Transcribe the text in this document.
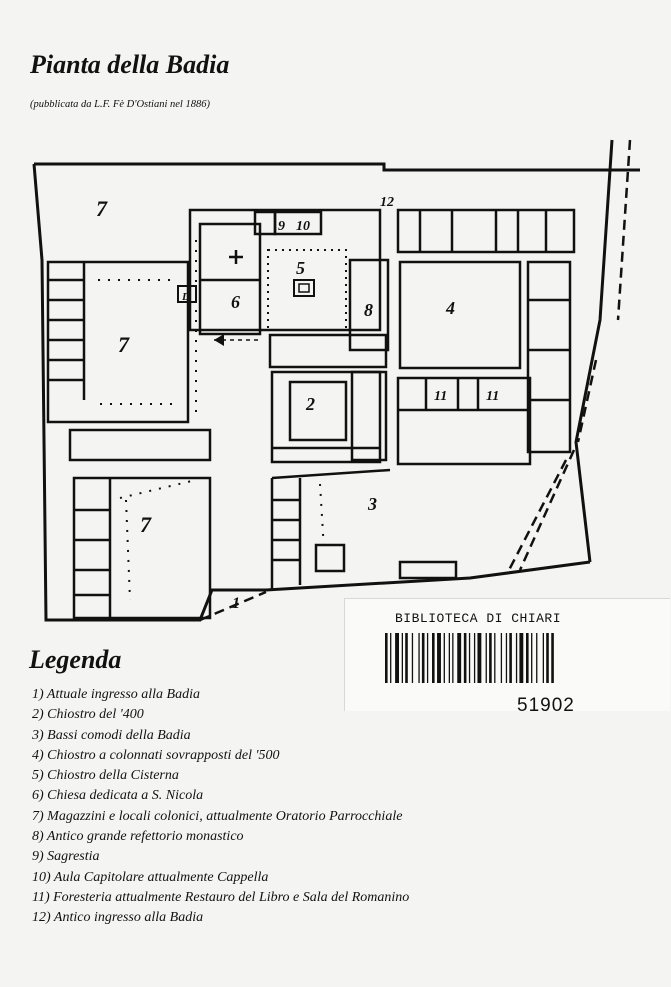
Pianta della Badia
(pubblicata da L.F. Fè D'Ostiani nel 1886)
7
7
7
6
5
8
9 10
12
2
4
11	11
3
1
D
Legenda
1) Attuale ingresso alla Badia
2) Chiostro del '400
3) Bassi comodi della Badia
4) Chiostro a colonnati sovrapposti del '500
5) Chiostro della Cisterna
6) Chiesa dedicata a S. Nicola
7) Magazzini e locali colonici, attualmente Oratorio Parrocchiale
8) Antico grande refettorio monastico
9) Sagrestia
10) Aula Capitolare attualmente Cappella
11) Foresteria attualmente Restauro del Libro e Sala del Romanino
12) Antico ingresso alla Badia
BIBLIOTECA DI CHIARI
51902
